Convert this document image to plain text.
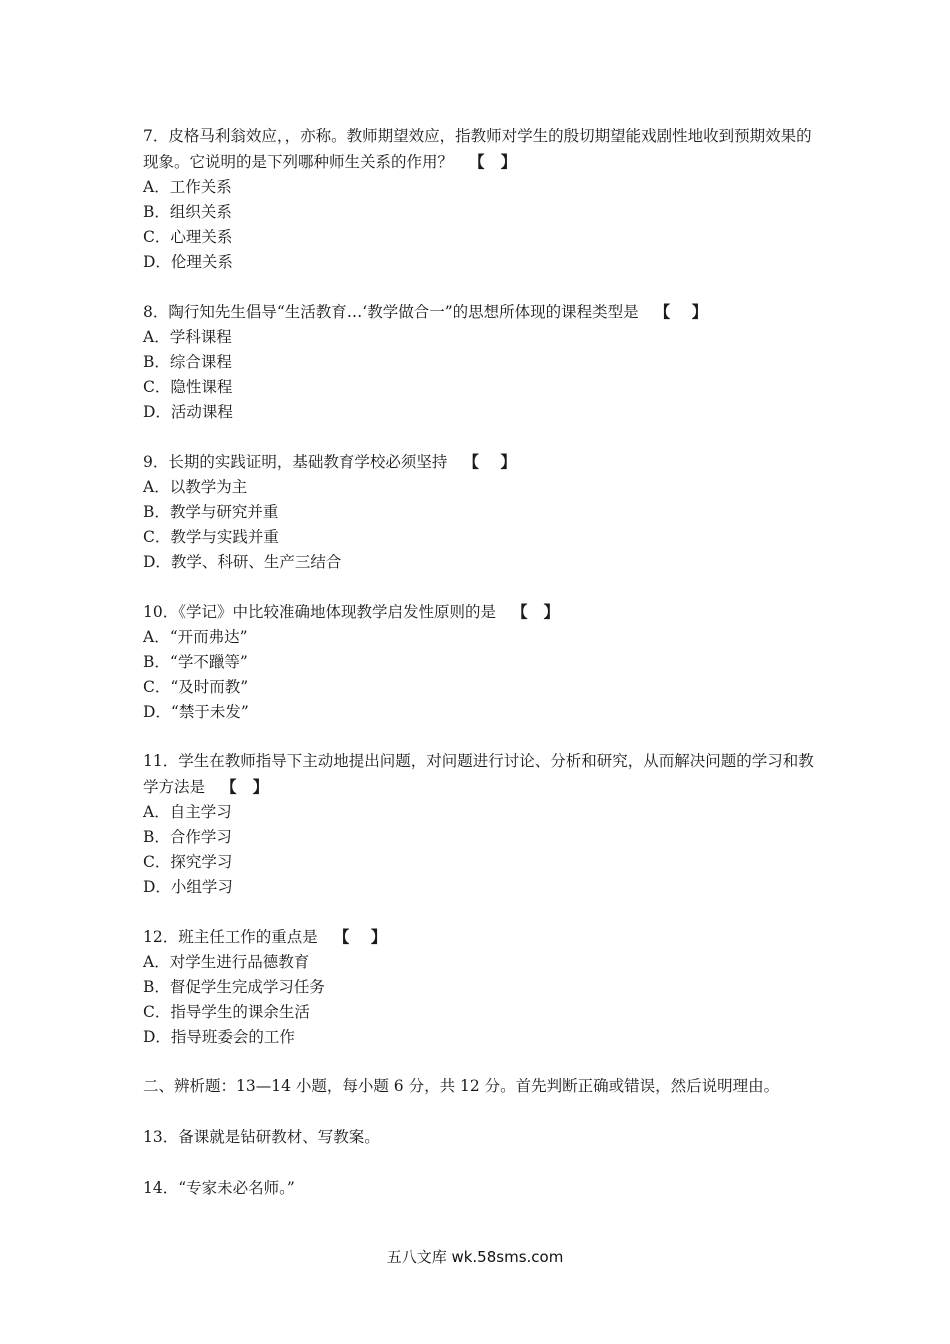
7．皮格马利翁效应，，亦称。教师期望效应，指教师对学生的殷切期望能戏剧性地收到预期效果的现象。它说明的是下列哪种师生关系的作用？ 【   】
A．工作关系
B．组织关系
C．心理关系
D．伦理关系
8．陶行知先生倡导“生活教育…‘教学做合一”的思想所体现的课程类型是 【    】
A．学科课程
B．综合课程
C．隐性课程
D．活动课程
9．长期的实践证明，基础教育学校必须坚持 【    】
A．以教学为主
B．教学与研究并重
C．教学与实践并重
D．教学、科研、生产三结合
10．《学记》中比较准确地体现教学启发性原则的是 【   】
A．“开而弗达”
B．“学不躐等”
C．“及时而教”
D．“禁于未发”
11．学生在教师指导下主动地提出问题，对问题进行讨论、分析和研究，从而解决问题的学习和教学方法是 【   】
A．自主学习
B．合作学习
C．探究学习
D．小组学习
12．班主任工作的重点是 【    】
A．对学生进行品德教育
B．督促学生完成学习任务
C．指导学生的课余生活
D．指导班委会的工作
二、辨析题：13—14 小题，每小题 6 分，共 12 分。首先判断正确或错误，然后说明理由。
13．备课就是钻研教材、写教案。
14．“专家未必名师。”
五八文库 wk.58sms.com
